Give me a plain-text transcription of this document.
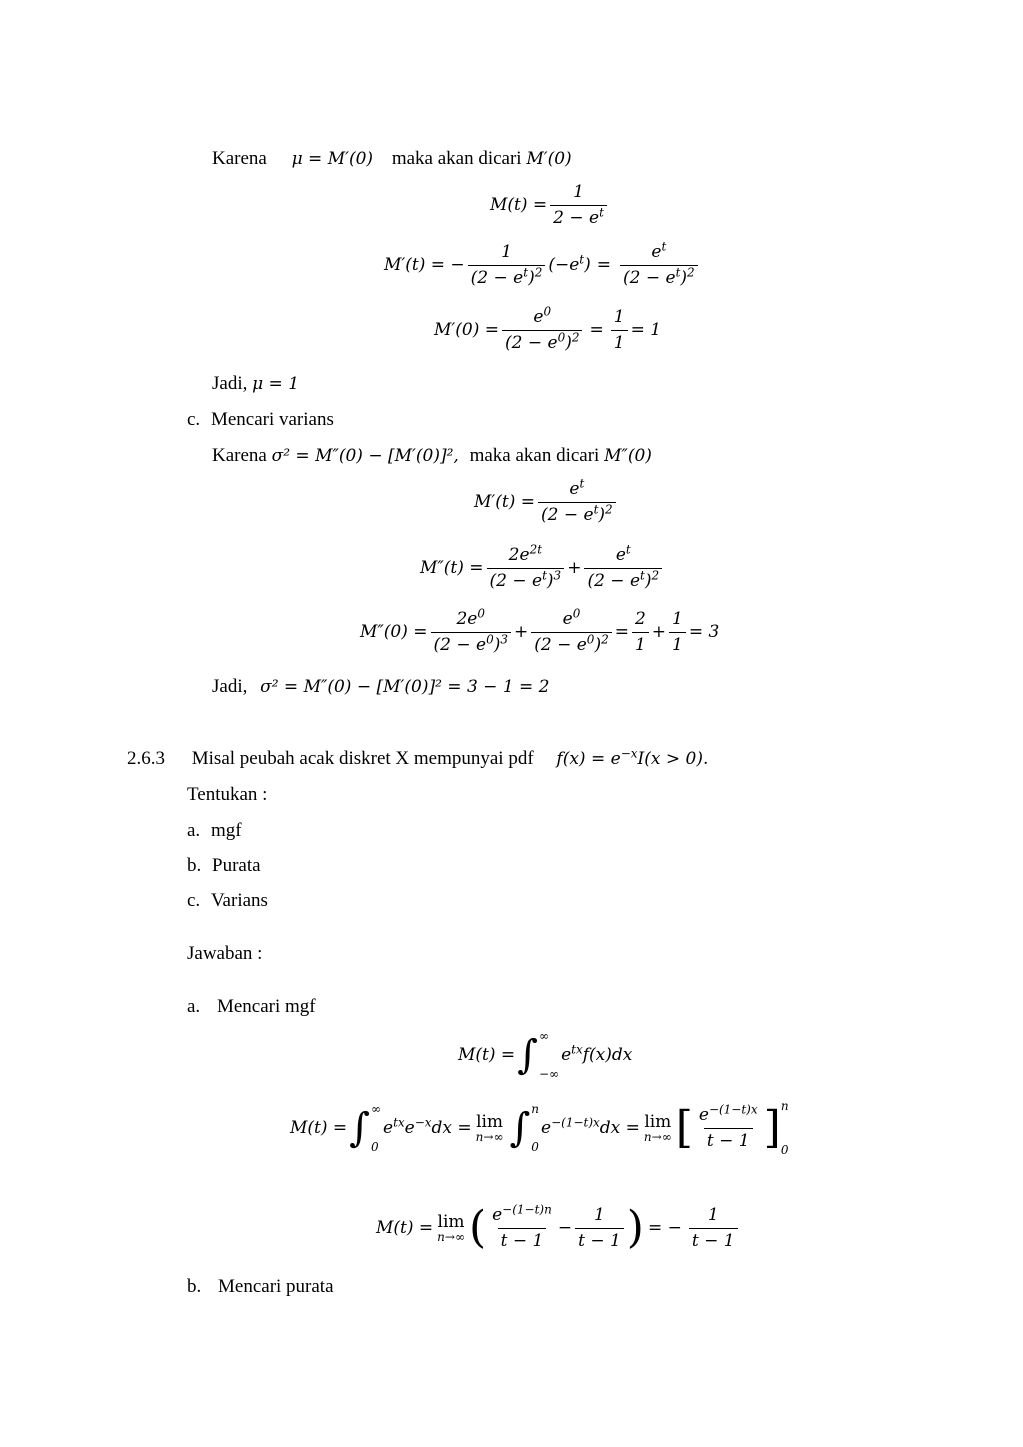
Karena μ = M′(0) maka akan dicari M′(0)
$M(t) = \frac{1}{2 - e^t}$
M′(t) = − $\frac{1}{(2 - e^t)^2} (-e^t) = \frac{e^t}{(2 - e^t)^2}$
$M'(0) = \frac{e^0}{(2 - e^0)^2} = \frac{1}{1} = 1$
Jadi, μ = 1
c. Mencari varians
Karena σ² = M″(0) − [M′(0)]², maka akan dicari M″(0)
$M'(t) = \frac{e^t}{(2 - e^t)^2}$
$M''(t) = \frac{2e^{2t}}{(2 - e^t)^3} + \frac{e^t}{(2 - e^t)^2}$
$M''(0) = \frac{2e^0}{(2 - e^0)^3} + \frac{e^0}{(2 - e^0)^2} = \frac{2}{1} + \frac{1}{1} = 3$
Jadi, σ² = M″(0) − [M′(0)]² = 3 − 1 = 2
2.6.3 Misal peubah acak diskret X mempunyai pdf $f(x) = e^{-x}I(x > 0)$.
Tentukan :
a. mgf
b. Purata
c. Varians
Jawaban :
a. Mencari mgf
M(t) = ∫ ∞
−∞
$e^{tx}f(x)dx$
M(t) = ∫ ∞
0
$e^{tx}e^{-x}dx = \lim$
n→∞ ∫ n
0
$e^{-(1-t)x}dx = \lim$
n→∞ [ $\frac{e^{-(1-t)x}}{t - 1}$ ] n
0
M(t) = lim
n→∞ ( $\frac{e^{-(1-t)n}}{t - 1} - \frac{1}{t - 1}$ ) = − $\frac{1}{t - 1}$
b. Mencari purata
